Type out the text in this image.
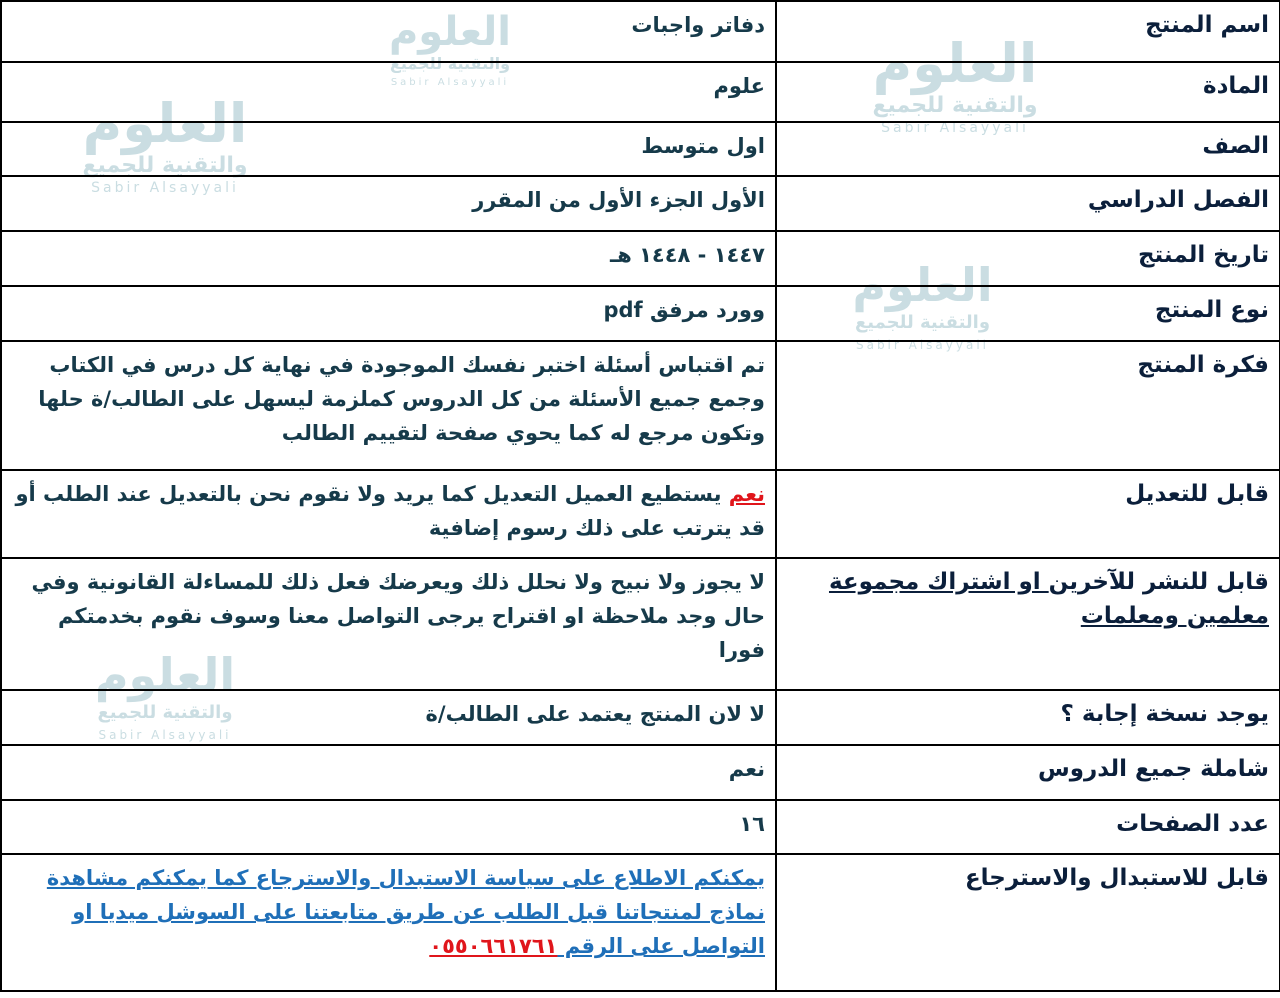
العلوم
والتقنية للجميع
Sabir Alsayyali
العلوم
والتقنية للجميع
Sabir Alsayyali
العلوم
والتقنية للجميع
Sabir Alsayyali
العلوم
والتقنية للجميع
Sabir Alsayyali
العلوم
والتقنية للجميع
Sabir Alsayyali
اسم المنتج	دفاتر واجبات
المادة	علوم
الصف	اول متوسط
الفصل الدراسي	الأول الجزء الأول من المقرر
تاريخ المنتج	١٤٤٧ - ١٤٤٨ هـ
نوع المنتج	وورد مرفق pdf
فكرة المنتج	تم اقتباس أسئلة اختبر نفسك الموجودة في نهاية كل درس في الكتاب وجمع جميع الأسئلة من كل الدروس كملزمة ليسهل على الطالب/ة حلها وتكون مرجع له كما يحوي صفحة لتقييم الطالب
قابل للتعديل	نعم يستطيع العميل التعديل كما يريد ولا نقوم نحن بالتعديل عند الطلب أو قد يترتب على ذلك رسوم إضافية
قابل للنشر للآخرين او اشتراك مجموعة معلمين ومعلمات	لا يجوز ولا نبيح ولا نحلل ذلك ويعرضك فعل ذلك للمساءلة القانونية وفي حال وجد ملاحظة او اقتراح يرجى التواصل معنا وسوف نقوم بخدمتكم فورا
يوجد نسخة إجابة ؟	لا لان المنتج يعتمد على الطالب/ة
شاملة جميع الدروس	نعم
عدد الصفحات	١٦
قابل للاستبدال والاسترجاع	يمكنكم الاطلاع على سياسة الاستبدال والاسترجاع كما يمكنكم مشاهدة نماذج لمنتجاتنا قبل الطلب عن طريق متابعتنا على السوشل ميديا او التواصل على الرقم ٠٥٥٠٦٦١٧٦١
